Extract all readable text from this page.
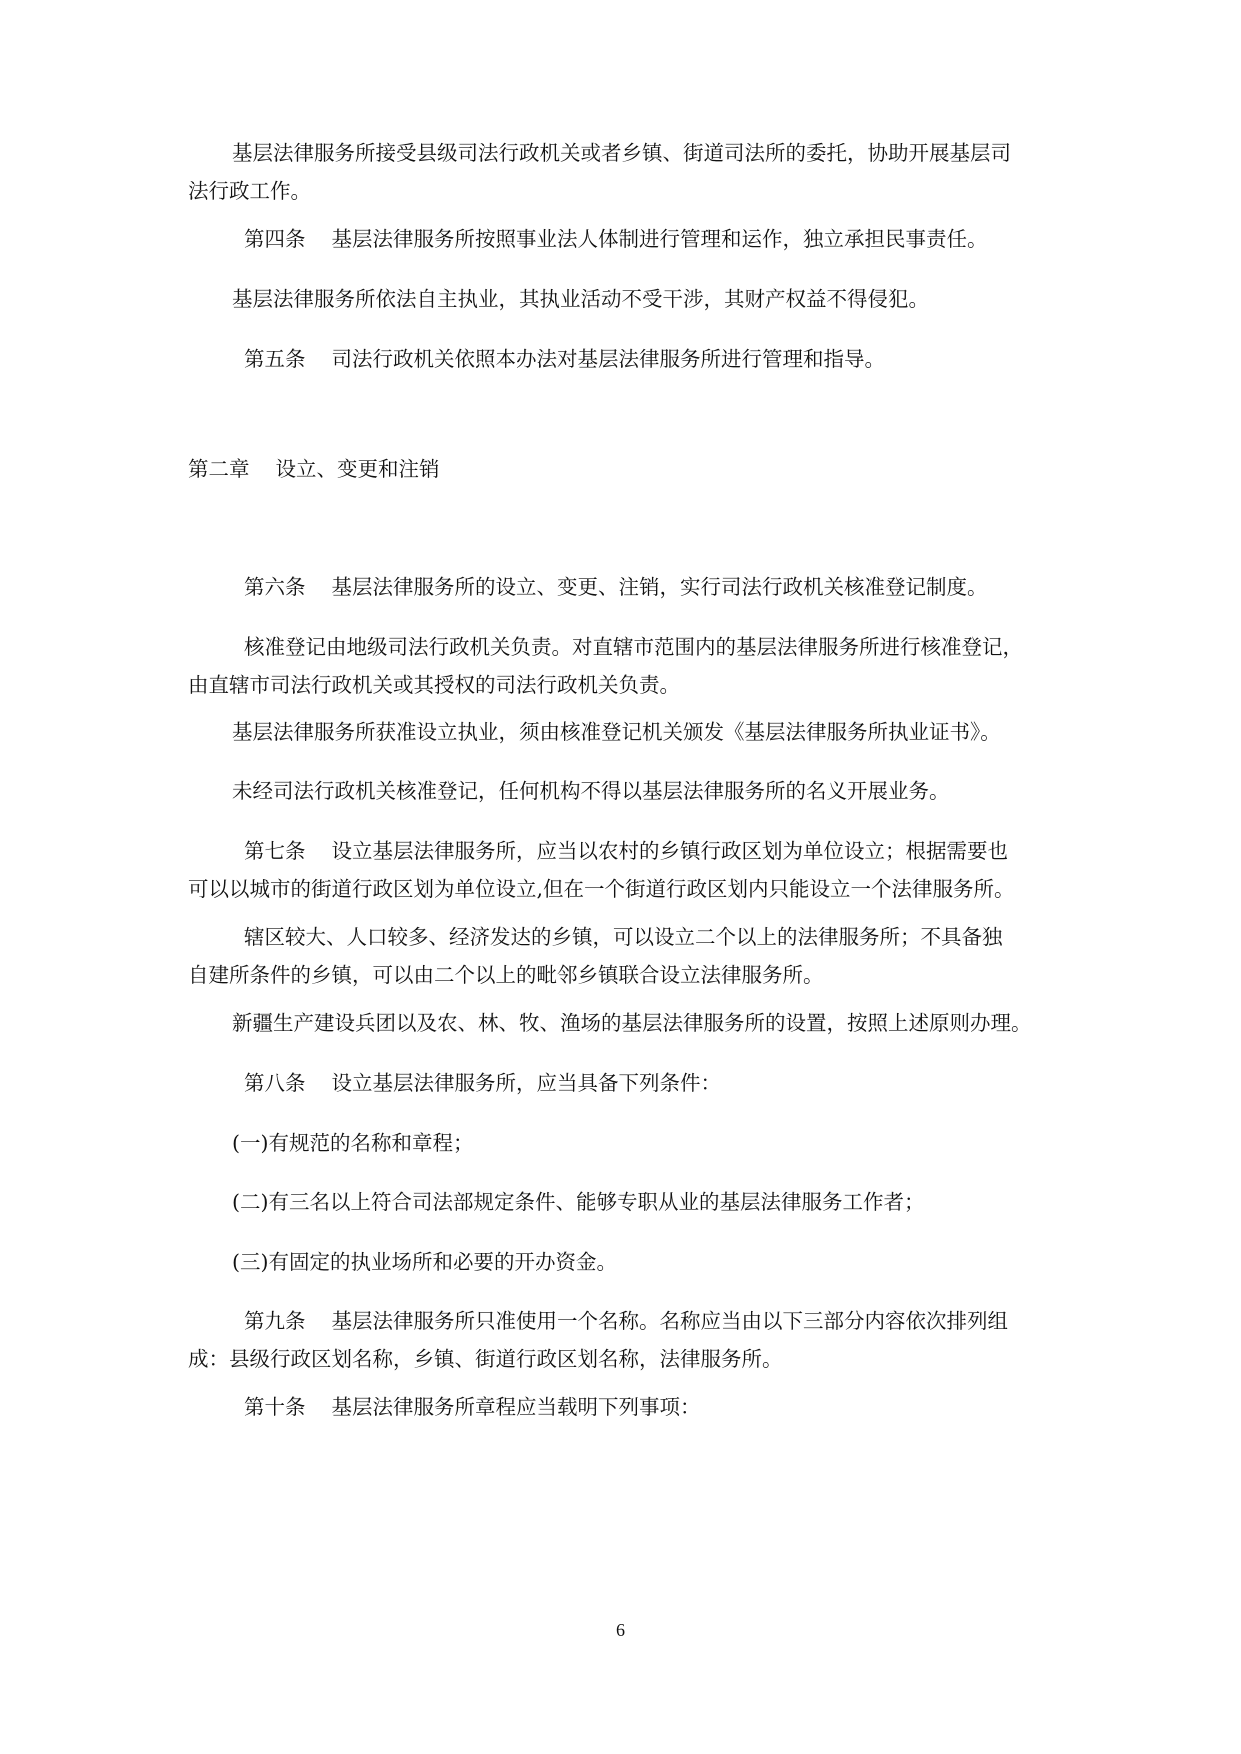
基层法律服务所接受县级司法行政机关或者乡镇、街道司法所的委托，协助开展基层司
法行政工作。

第四条 基层法律服务所按照事业法人体制进行管理和运作，独立承担民事责任。

基层法律服务所依法自主执业，其执业活动不受干涉，其财产权益不得侵犯。

第五条 司法行政机关依照本办法对基层法律服务所进行管理和指导。

第二章 设立、变更和注销

第六条 基层法律服务所的设立、变更、注销，实行司法行政机关核准登记制度。

核准登记由地级司法行政机关负责。对直辖市范围内的基层法律服务所进行核准登记，
由直辖市司法行政机关或其授权的司法行政机关负责。

基层法律服务所获准设立执业，须由核准登记机关颁发《基层法律服务所执业证书》。

未经司法行政机关核准登记，任何机构不得以基层法律服务所的名义开展业务。

第七条 设立基层法律服务所，应当以农村的乡镇行政区划为单位设立；根据需要也
可以以城市的街道行政区划为单位设立,但在一个街道行政区划内只能设立一个法律服务所。

辖区较大、人口较多、经济发达的乡镇，可以设立二个以上的法律服务所；不具备独
自建所条件的乡镇，可以由二个以上的毗邻乡镇联合设立法律服务所。

新疆生产建设兵团以及农、林、牧、渔场的基层法律服务所的设置，按照上述原则办理。

第八条 设立基层法律服务所，应当具备下列条件：

(一)有规范的名称和章程；

(二)有三名以上符合司法部规定条件、能够专职从业的基层法律服务工作者；

(三)有固定的执业场所和必要的开办资金。

第九条 基层法律服务所只准使用一个名称。名称应当由以下三部分内容依次排列组
成：县级行政区划名称，乡镇、街道行政区划名称，法律服务所。

第十条 基层法律服务所章程应当载明下列事项：

6
